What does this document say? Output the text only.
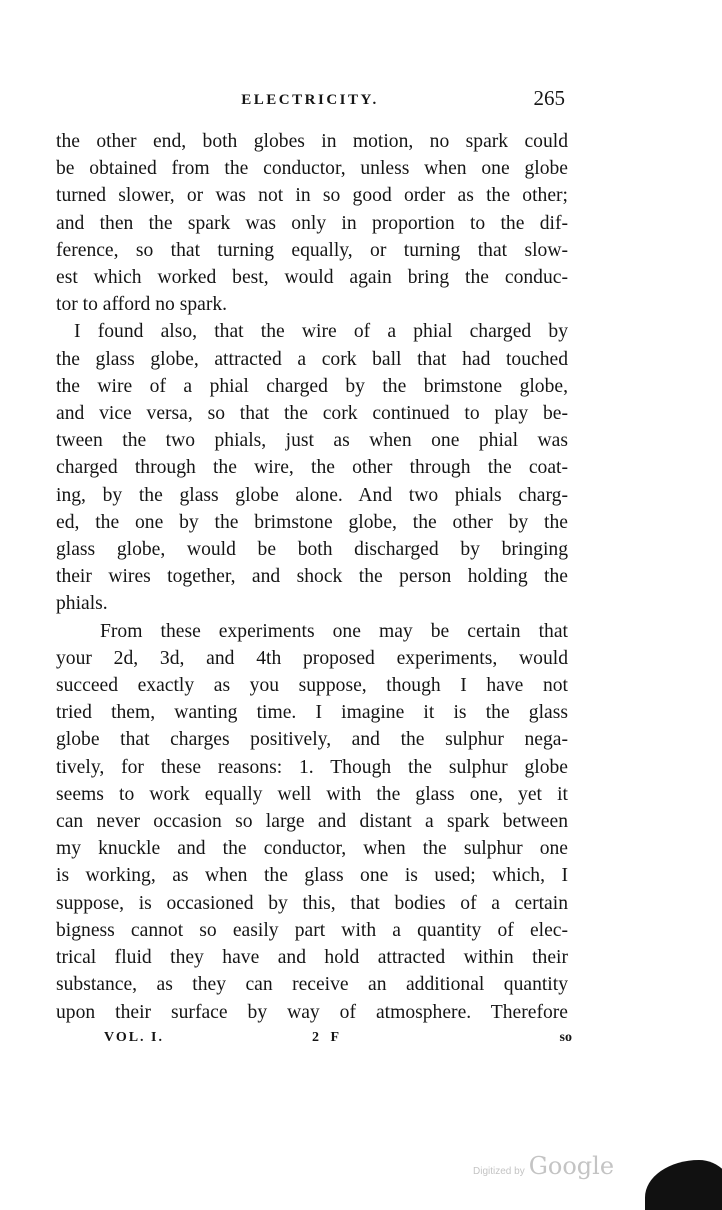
ELECTRICITY.	265
the other end, both globes in motion, no spark could
be obtained from the conductor, unless when one globe
turned slower, or was not in so good order as the other;
and then the spark was only in proportion to the dif-
ference, so that turning equally, or turning that slow-
est which worked best, would again bring the conduc-
tor to afford no spark.
I found also, that the wire of a phial charged by
the glass globe, attracted a cork ball that had touched
the wire of a phial charged by the brimstone globe,
and vice versa, so that the cork continued to play be-
tween the two phials, just as when one phial was
charged through the wire, the other through the coat-
ing, by the glass globe alone. And two phials charg-
ed, the one by the brimstone globe, the other by the
glass globe, would be both discharged by bringing
their wires together, and shock the person holding the
phials.
From these experiments one may be certain that
your 2d, 3d, and 4th proposed experiments, would
succeed exactly as you suppose, though I have not
tried them, wanting time. I imagine it is the glass
globe that charges positively, and the sulphur nega-
tively, for these reasons: 1. Though the sulphur globe
seems to work equally well with the glass one, yet it
can never occasion so large and distant a spark between
my knuckle and the conductor, when the sulphur one
is working, as when the glass one is used; which, I
suppose, is occasioned by this, that bodies of a certain
bigness cannot so easily part with a quantity of elec-
trical fluid they have and hold attracted within their
substance, as they can receive an additional quantity
upon their surface by way of atmosphere. Therefore
VOL. I.	2 F	so
Digitized by Google
